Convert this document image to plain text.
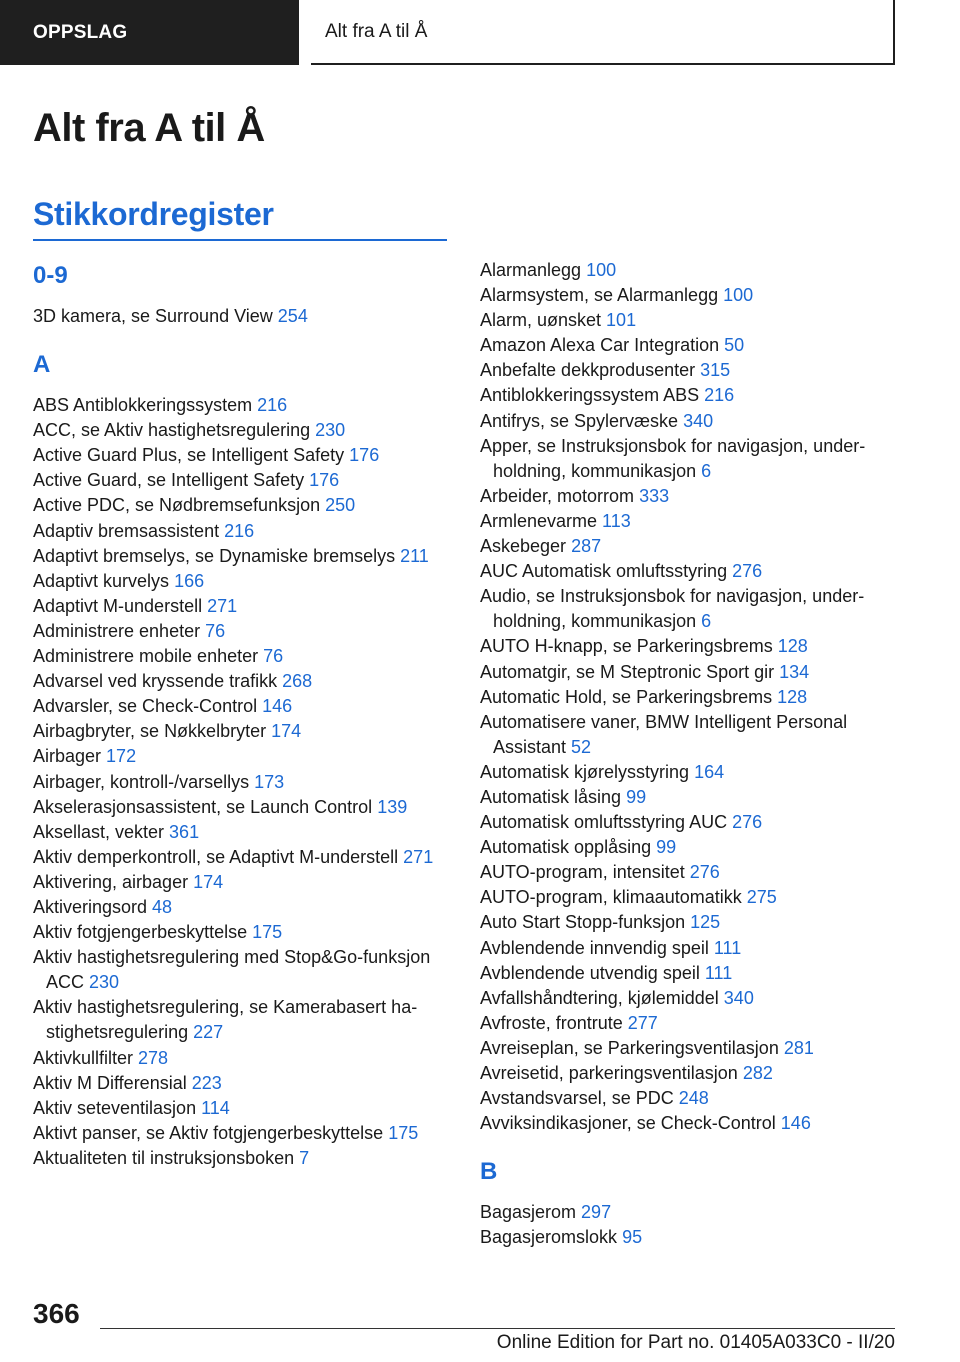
OPPSLAG	Alt fra A til Å
Alt fra A til Å
Stikkordregister
0-9
3D kamera, se Surround View 254
A
ABS Antiblokkeringssystem 216
ACC, se Aktiv hastighetsregulering 230
Active Guard Plus, se Intelligent Safety 176
Active Guard, se Intelligent Safety 176
Active PDC, se Nødbremsefunksjon 250
Adaptiv bremsassistent 216
Adaptivt bremselys, se Dynamiske bremselys 211
Adaptivt kurvelys 166
Adaptivt M-understell 271
Administrere enheter 76
Administrere mobile enheter 76
Advarsel ved kryssende trafikk 268
Advarsler, se Check-Control 146
Airbagbryter, se Nøkkelbryter 174
Airbager 172
Airbager, kontroll-/varsellys 173
Akselerasjonsassistent, se Launch Control 139
Aksellast, vekter 361
Aktiv demperkontroll, se Adaptivt M-understell 271
Aktivering, airbager 174
Aktiveringsord 48
Aktiv fotgjengerbeskyttelse 175
Aktiv hastighetsregulering med Stop&Go-funksjon ACC 230
Aktiv hastighetsregulering, se Kamerabasert hastighetsregulering 227
Aktivkullfilter 278
Aktiv M Differensial 223
Aktiv seteventilasjon 114
Aktivt panser, se Aktiv fotgjengerbeskyttelse 175
Aktualiteten til instruksjonsboken 7
Alarmanlegg 100
Alarmsystem, se Alarmanlegg 100
Alarm, uønsket 101
Amazon Alexa Car Integration 50
Anbefalte dekkprodusenter 315
Antiblokkeringssystem ABS 216
Antifrys, se Spylervæske 340
Apper, se Instruksjonsbok for navigasjon, underholdning, kommunikasjon 6
Arbeider, motorrom 333
Armlenevarme 113
Askebeger 287
AUC Automatisk omluftsstyring 276
Audio, se Instruksjonsbok for navigasjon, underholdning, kommunikasjon 6
AUTO H-knapp, se Parkeringsbrems 128
Automatgir, se M Steptronic Sport gir 134
Automatic Hold, se Parkeringsbrems 128
Automatisere vaner, BMW Intelligent Personal Assistant 52
Automatisk kjørelysstyring 164
Automatisk låsing 99
Automatisk omluftsstyring AUC 276
Automatisk opplåsing 99
AUTO-program, intensitet 276
AUTO-program, klimaautomatikk 275
Auto Start Stopp-funksjon 125
Avblendende innvendig speil 111
Avblendende utvendig speil 111
Avfallshåndtering, kjølemiddel 340
Avfroste, frontrute 277
Avreiseplan, se Parkeringsventilasjon 281
Avreisetid, parkeringsventilasjon 282
Avstandsvarsel, se PDC 248
Avviksindikasjoner, se Check-Control 146
B
Bagasjerom 297
Bagasjeromslokk 95
366
Online Edition for Part no. 01405A033C0 - II/20
